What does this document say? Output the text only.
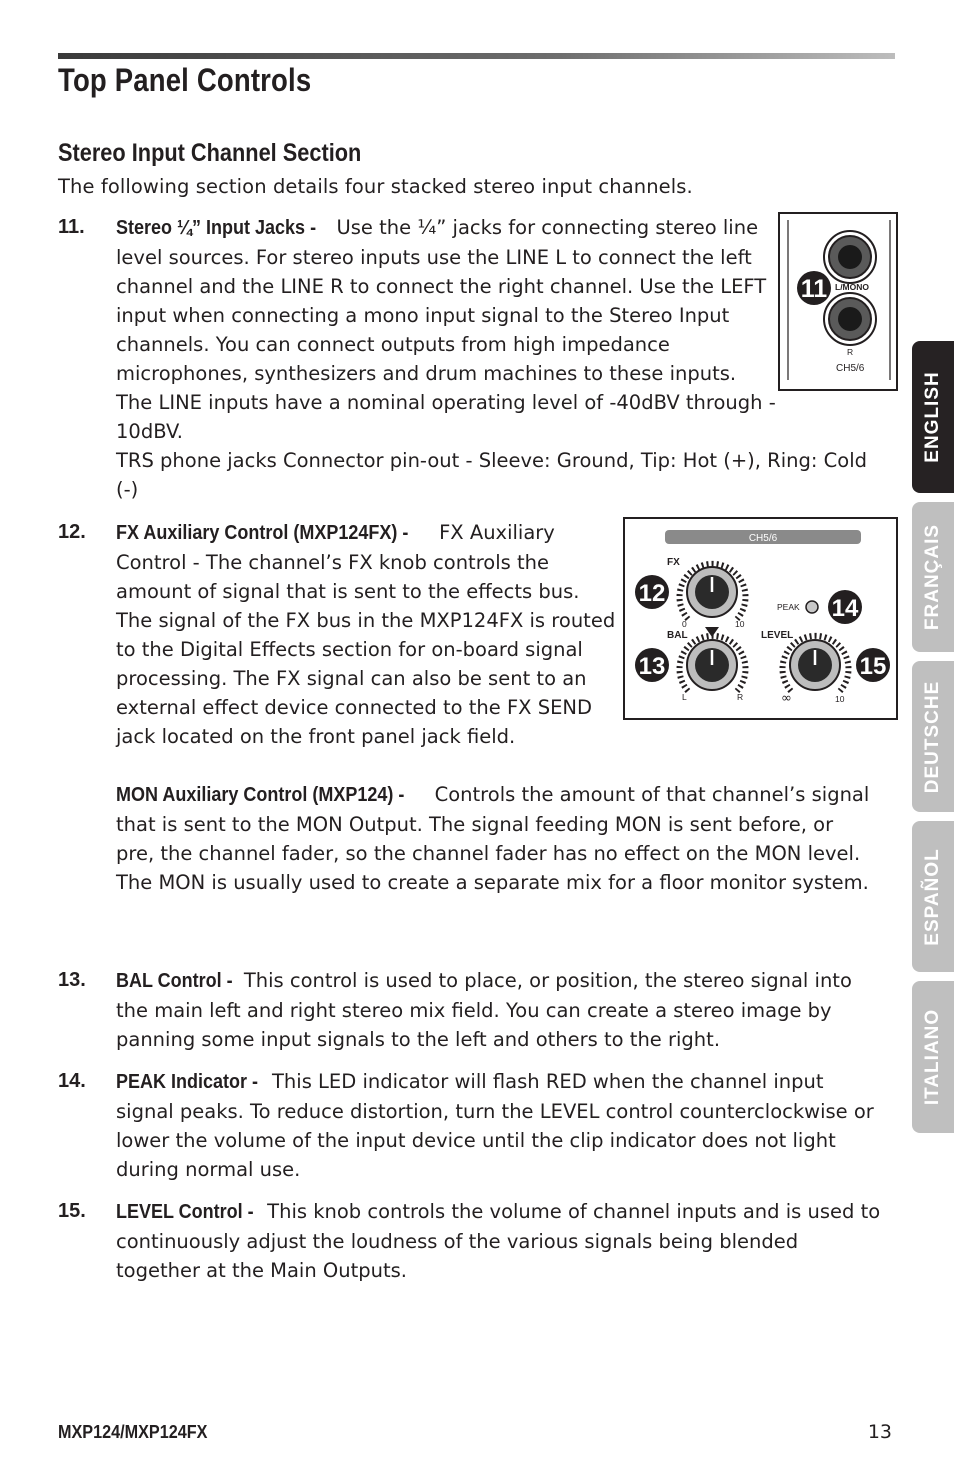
Top Panel Controls
Stereo Input Channel Section

The following section details four stacked stereo input channels.

11.	Stereo ¼” Input Jacks - Use the ¼” jacks for connecting stereo line level sources. For stereo inputs use the LINE L to connect the left channel and the LINE R to connect the right channel. Use the LEFT input when connecting a mono input signal to the Stereo Input channels. You can connect outputs from high impedance microphones, synthesizers and drum machines to these inputs. The LINE inputs have a nominal operating level of -40dBV through - 10dBV.

TRS phone jacks Connector pin-out - Sleeve: Ground, Tip: Hot (+), Ring: Cold (-)

11 L/MONO
R
CH5/6
12.	FX Auxiliary Control (MXP124FX) - FX Auxiliary Control - The channel’s FX knob controls the amount of signal that is sent to the effects bus. The signal of the FX bus in the MXP124FX is routed to the Digital Effects section for on-board signal processing. The FX signal can also be sent to an external effect device connected to the FX SEND jack located on the front panel jack field.

MON Auxiliary Control (MXP124) - Controls the amount of that channel’s signal that is sent to the MON Output. The signal feeding MON is sent before, or pre, the channel fader, so the channel fader has no effect on the MON level. The MON is usually used to create a separate mix for a floor monitor system.

CH5/6
FX
0	10
12
BAL
L	R
13
PEAK 14
LEVEL
∞	10
15
13.	BAL Control - This control is used to place, or position, the stereo signal into the main left and right stereo mix field. You can create a stereo image by panning some input signals to the left and others to the right.

14.	PEAK Indicator - This LED indicator will flash RED when the channel input signal peaks. To reduce distortion, turn the LEVEL control counterclockwise or lower the volume of the input device until the clip indicator does not light during normal use.

15.	LEVEL Control - This knob controls the volume of channel inputs and is used to continuously adjust the loudness of the various signals being blended together at the Main Outputs.

ENGLISH
FRANÇAIS
DEUTSCHE
ESPAÑOL
ITALIANO
MXP124/MXP124FX	13
